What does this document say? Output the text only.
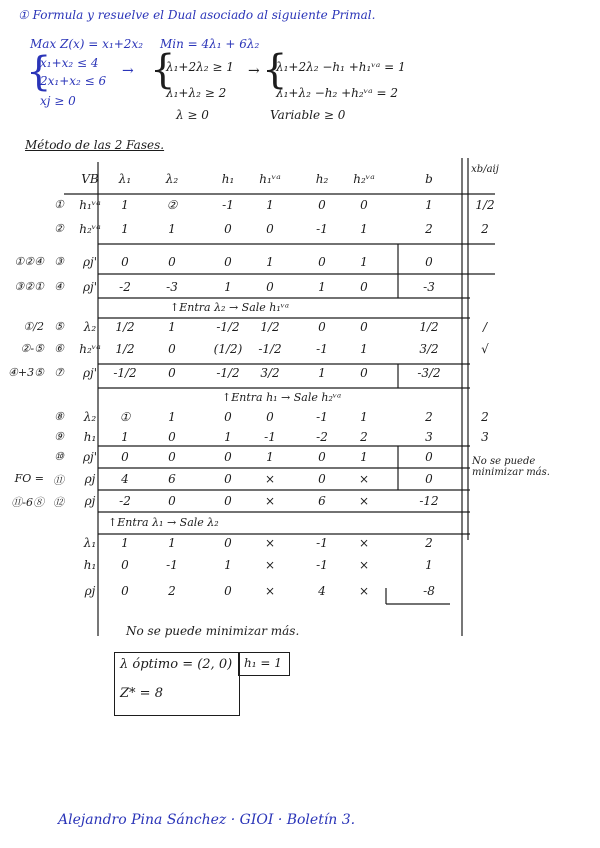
① Formula y resuelve el Dual asociado al siguiente Primal.
Max Z(x) = x₁+2x₂ Min = 4λ₁ + 6λ₂
{
x₁+x₂ ≤ 4
2x₁+x₂ ≤ 6
xj ≥ 0
→ {
λ₁+2λ₂ ≥ 1
λ₁+λ₂ ≥ 2
λ ≥ 0
→ {
λ₁+2λ₂ −h₁ +h₁ᵛᵃ = 1
λ₁+λ₂ −h₂ +h₂ᵛᵃ = 2
Variable ≥ 0
Método de las 2 Fases.
VB	λ₁	λ₂	h₁	h₁ᵛᵃ	h₂	h₂ᵛᵃ	b
xb/aij
①	h₁ᵛᵃ	1	②	-1	1	0	0	1	1/2
②	h₂ᵛᵃ	1	1	0	0	-1	1	2	2
①②④ ③	ρj'	0	0	0	1	0	1	0
③②① ④	ρj'	-2	-3	1	0	1	0	-3
①/2 ⑤	λ₂	1/2	1	-1/2	1/2	0	0	1/2	/
②-⑤ ⑥	h₂ᵛᵃ	1/2	0	(1/2)	-1/2	-1	1	3/2	√
④+3⑤ ⑦	ρj'	-1/2	0	-1/2	3/2	1	0	-3/2
⑧	λ₂	①	1	0	0	-1	1	2	2
⑨	h₁	1	0	1	-1	-2	2	3	3
⑩	ρj'	0	0	0	1	0	1	0
FO = ⑪	ρj	4	6	0	×	0	×	0
⑪-6⑧ ⑫	ρj	-2	0	0	×	6	×	-12
λ₁	1	1	0	×	-1	×	2
h₁	0	-1	1	×	-1	×	1
ρj	0	2	0	×	4	×	-8
↑Entra λ₂ → Sale h₁ᵛᵃ
↑Entra h₁ → Sale h₂ᵛᵃ
↑Entra λ₁ → Sale λ₂
No se puede minimizar más.
No se puede minimizar más.
λ óptimo = (2, 0)
Z* = 8
h₁ = 1
Alejandro Pina Sánchez · GIOI · Boletín 3.
